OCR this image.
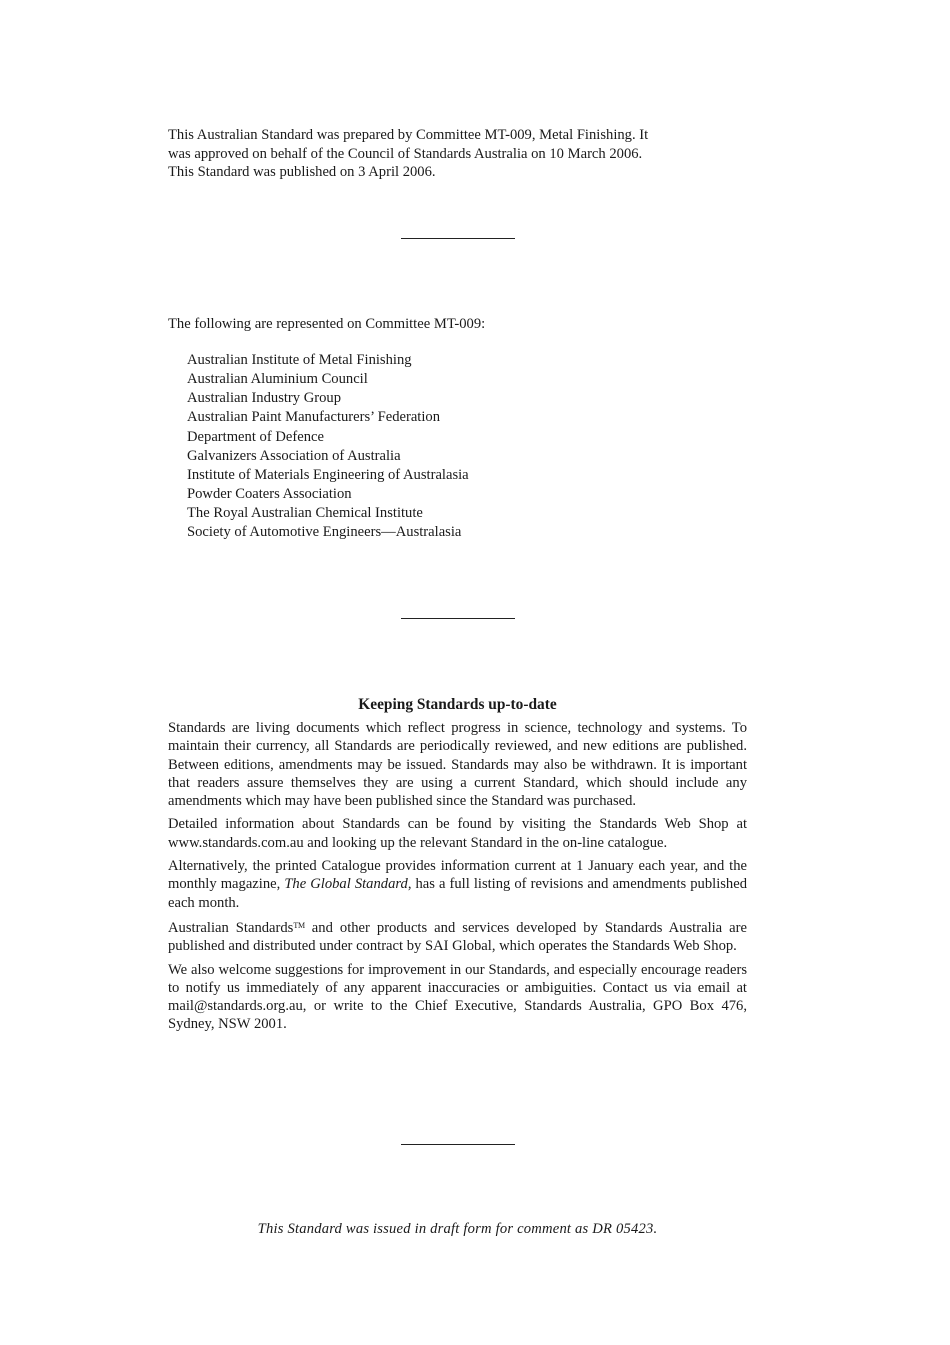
This Australian Standard was prepared by Committee MT-009, Metal Finishing. It
was approved on behalf of the Council of Standards Australia on 10 March 2006.
This Standard was published on 3 April 2006.
The following are represented on Committee MT-009:
Australian Institute of Metal Finishing
Australian Aluminium Council
Australian Industry Group
Australian Paint Manufacturers’ Federation
Department of Defence
Galvanizers Association of Australia
Institute of Materials Engineering of Australasia
Powder Coaters Association
The Royal Australian Chemical Institute
Society of Automotive Engineers—Australasia
Keeping Standards up-to-date

Standards are living documents which reflect progress in science, technology and systems. To maintain their currency, all Standards are periodically reviewed, and new editions are published. Between editions, amendments may be issued. Standards may also be withdrawn. It is important that readers assure themselves they are using a current Standard, which should include any amendments which may have been published since the Standard was purchased.

Detailed information about Standards can be found by visiting the Standards Web Shop at www.standards.com.au and looking up the relevant Standard in the on-line catalogue.

Alternatively, the printed Catalogue provides information current at 1 January each year, and the monthly magazine, The Global Standard, has a full listing of revisions and amendments published each month.

Australian Standards™ and other products and services developed by Standards Australia are published and distributed under contract by SAI Global, which operates the Standards Web Shop.

We also welcome suggestions for improvement in our Standards, and especially encourage readers to notify us immediately of any apparent inaccuracies or ambiguities. Contact us via email at mail@standards.org.au, or write to the Chief Executive, Standards Australia, GPO Box 476, Sydney, NSW 2001.

This Standard was issued in draft form for comment as DR 05423.
